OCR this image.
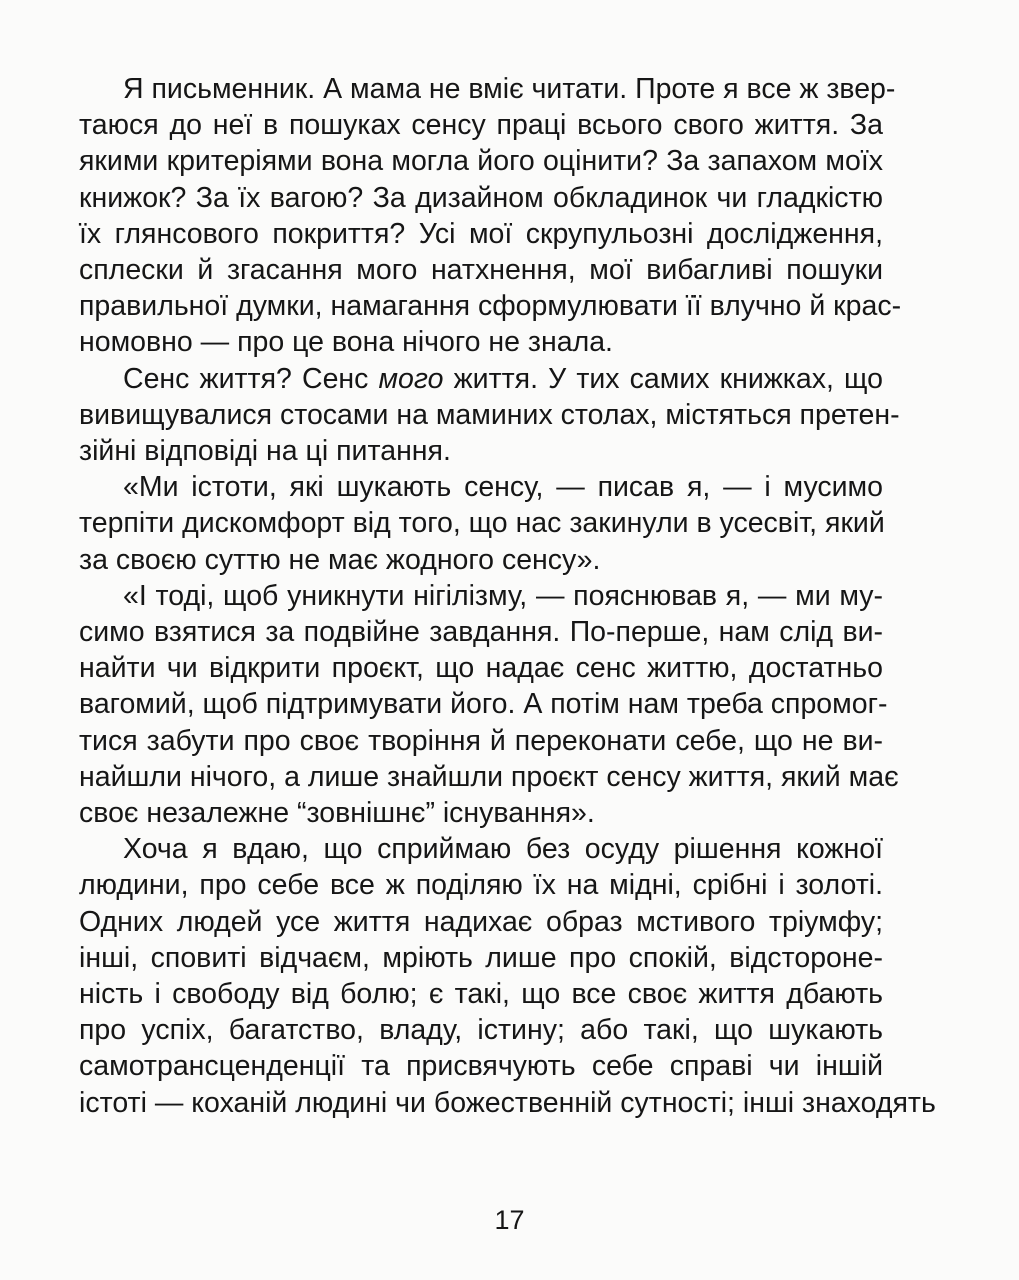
Я письменник. А мама не вміє читати. Проте я все ж звер-
таюся до неї в пошуках сенсу праці всього свого життя. За
якими критеріями вона могла його оцінити? За запахом моїх
книжок? За їх вагою? За дизайном обкладинок чи гладкістю
їх глянсового покриття? Усі мої скрупульозні дослідження,
сплески й згасання мого натхнення, мої вибагливі пошуки
правильної думки, намагання сформулювати її влучно й крас-
номовно — про це вона нічого не знала.
Сенс життя? Сенс мого життя. У тих самих книжках, що
вивищувалися стосами на маминих столах, містяться претен-
зійні відповіді на ці питання.
«Ми істоти, які шукають сенсу, — писав я, — і мусимо
терпіти дискомфорт від того, що нас закинули в усесвіт, який
за своєю суттю не має жодного сенсу».
«І тоді, щоб уникнути нігілізму, — пояснював я, — ми му-
симо взятися за подвійне завдання. По-перше, нам слід ви-
найти чи відкрити проєкт, що надає сенс життю, достатньо
вагомий, щоб підтримувати його. А потім нам треба спромог-
тися забути про своє творіння й переконати себе, що не ви-
найшли нічого, а лише знайшли проєкт сенсу життя, який має
своє незалежне “зовнішнє” існування».
Хоча я вдаю, що сприймаю без осуду рішення кожної
людини, про себе все ж поділяю їх на мідні, срібні і золоті.
Одних людей усе життя надихає образ мстивого тріумфу;
інші, сповиті відчаєм, мріють лише про спокій, відстороне-
ність і свободу від болю; є такі, що все своє життя дбають
про успіх, багатство, владу, істину; або такі, що шукають
самотрансценденції та присвячують себе справі чи іншій
істоті — коханій людині чи божественній сутності; інші знаходять
17
